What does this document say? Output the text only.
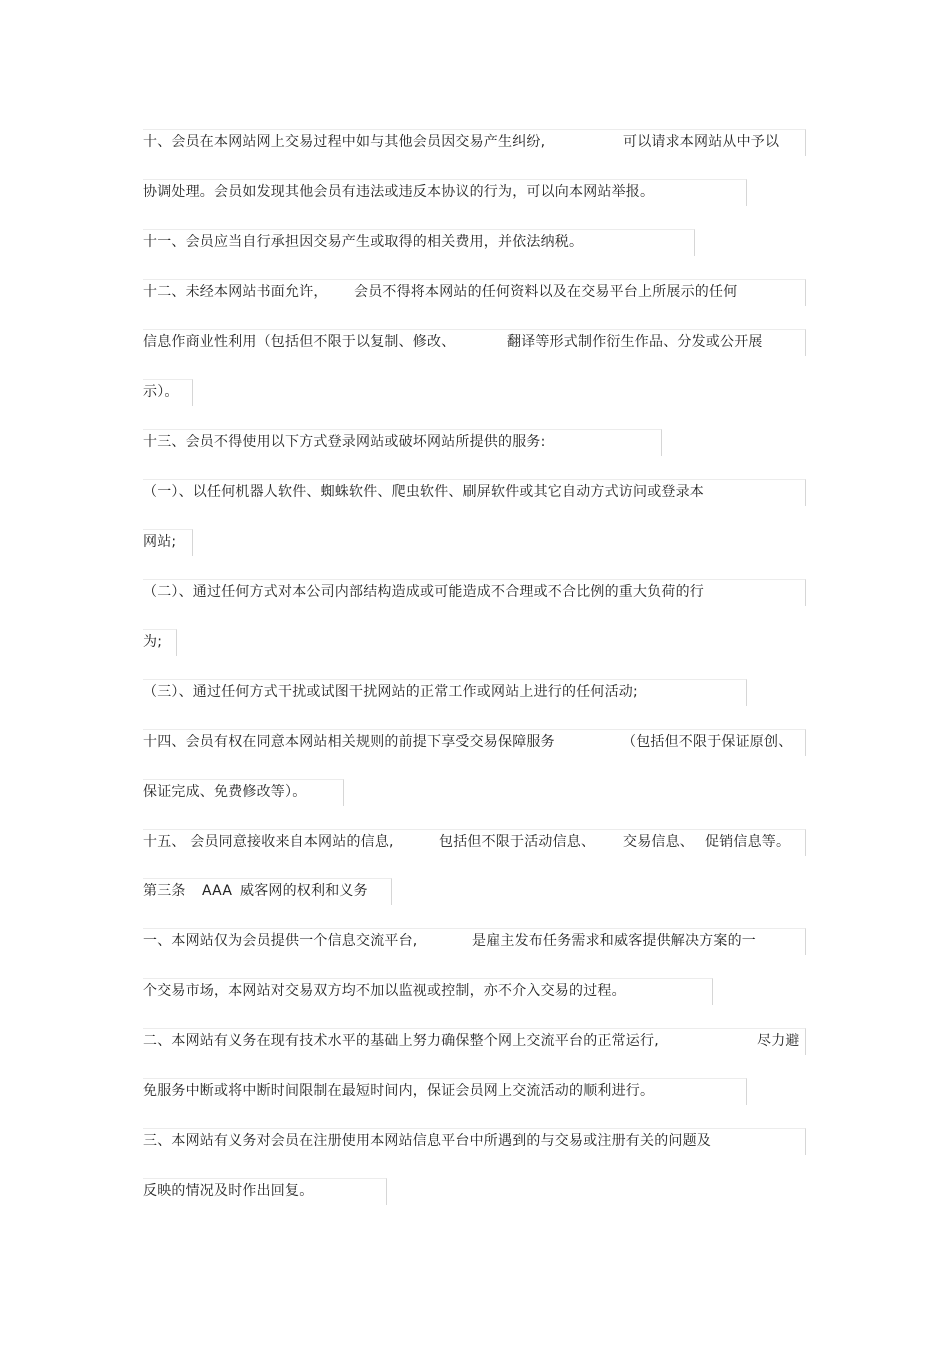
十、会员在本网站网上交易过程中如与其他会员因交易产生纠纷,	可以请求本网站从中予以
协调处理。会员如发现其他会员有违法或违反本协议的行为，可以向本网站举报。
十一、会员应当自行承担因交易产生或取得的相关费用，并依法纳税。
十二、未经本网站书面允许， 会员不得将本网站的任何资料以及在交易平台上所展示的任何
信息作商业性利用（包括但不限于以复制、修改、	翻译等形式制作衍生作品、分发或公开展
示）。
十三、会员不得使用以下方式登录网站或破坏网站所提供的服务:
（一）、以任何机器人软件、蜘蛛软件、爬虫软件、刷屏软件或其它自动方式访问或登录本
网站;
（二）、通过任何方式对本公司内部结构造成或可能造成不合理或不合比例的重大负荷的行
为;
（三）、通过任何方式干扰或试图干扰网站的正常工作或网站上进行的任何活动;
十四、会员有权在同意本网站相关规则的前提下享受交易保障服务	（包括但不限于保证原创、
保证完成、免费修改等）。
十五、 会员同意接收来自本网站的信息,	包括但不限于活动信息、 交易信息、 促销信息等。
第三条 AAA 威客网的权利和义务
一、本网站仅为会员提供一个信息交流平台,	是雇主发布任务需求和威客提供解决方案的一
个交易市场，本网站对交易双方均不加以监视或控制，亦不介入交易的过程。
二、本网站有义务在现有技术水平的基础上努力确保整个网上交流平台的正常运行,	尽力避
免服务中断或将中断时间限制在最短时间内，保证会员网上交流活动的顺利进行。
三、本网站有义务对会员在注册使用本网站信息平台中所遇到的与交易或注册有关的问题及
反映的情况及时作出回复。
